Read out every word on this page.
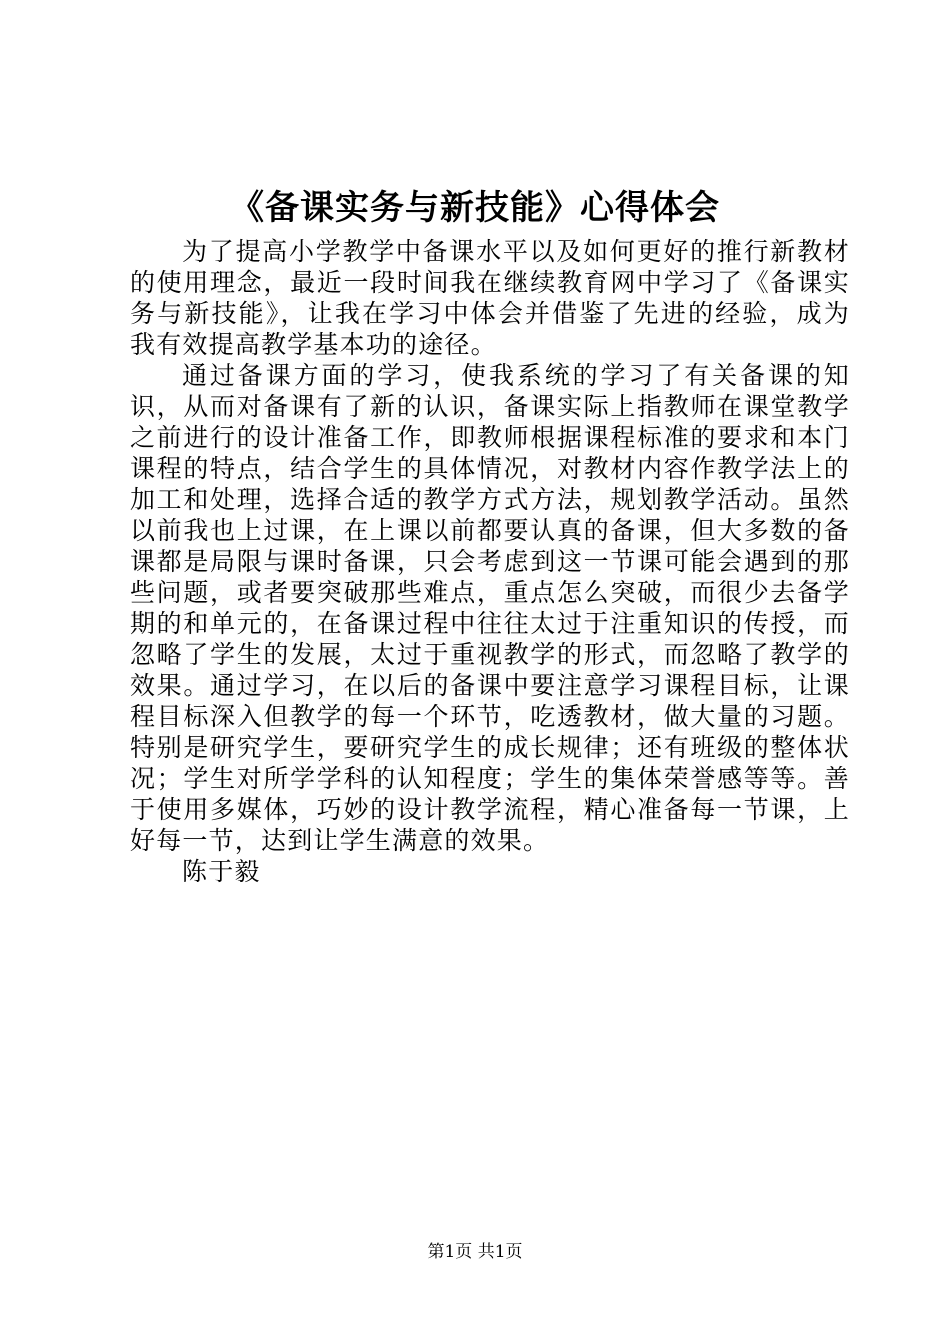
《备课实务与新技能》心得体会

为了提高小学教学中备课水平以及如何更好的推行新教材的使用理念，最近一段时间我在继续教育网中学习了《备课实务与新技能》，让我在学习中体会并借鉴了先进的经验，成为我有效提高教学基本功的途径。

通过备课方面的学习，使我系统的学习了有关备课的知识，从而对备课有了新的认识，备课实际上指教师在课堂教学之前进行的设计准备工作，即教师根据课程标准的要求和本门课程的特点，结合学生的具体情况，对教材内容作教学法上的加工和处理，选择合适的教学方式方法，规划教学活动。虽然以前我也上过课，在上课以前都要认真的备课，但大多数的备课都是局限与课时备课，只会考虑到这一节课可能会遇到的那些问题，或者要突破那些难点，重点怎么突破，而很少去备学期的和单元的，在备课过程中往往太过于注重知识的传授，而忽略了学生的发展，太过于重视教学的形式，而忽略了教学的效果。通过学习，在以后的备课中要注意学习课程目标，让课程目标深入但教学的每一个环节，吃透教材，做大量的习题。特别是研究学生，要研究学生的成长规律；还有班级的整体状况；学生对所学学科的认知程度；学生的集体荣誉感等等。善于使用多媒体，巧妙的设计教学流程，精心准备每一节课，上好每一节，达到让学生满意的效果。

陈于毅

第1页 共1页
